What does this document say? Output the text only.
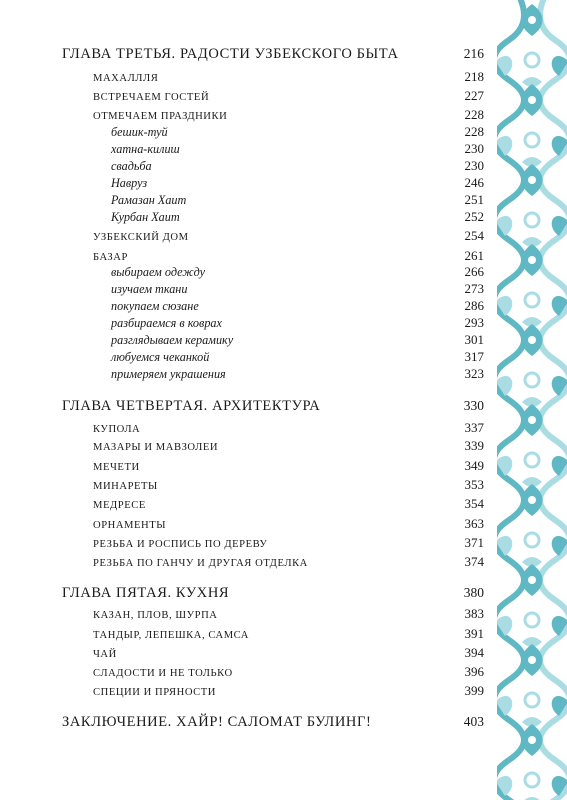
ГЛАВА ТРЕТЬЯ. РАДОСТИ УЗБЕКСКОГО БЫТА	216
МАХАЛЛЛЯ	218
ВСТРЕЧАЕМ ГОСТЕЙ	227
ОТМЕЧАЕМ ПРАЗДНИКИ	228
бешик-туй	228
хатна-килиш	230
свадьба	230
Навруз	246
Рамазан Хаит	251
Курбан Хаит	252
УЗБЕКСКИЙ ДОМ	254
БАЗАР	261
выбираем одежду	266
изучаем ткани	273
покупаем сюзане	286
разбираемся в коврах	293
разглядываем керамику	301
любуемся чеканкой	317
примеряем украшения	323
ГЛАВА ЧЕТВЕРТАЯ. АРХИТЕКТУРА	330
КУПОЛА	337
МАЗАРЫ И МАВЗОЛЕИ	339
МЕЧЕТИ	349
МИНАРЕТЫ	353
МЕДРЕСЕ	354
ОРНАМЕНТЫ	363
РЕЗЬБА И РОСПИСЬ ПО ДЕРЕВУ	371
РЕЗЬБА ПО ГАНЧУ И ДРУГАЯ ОТДЕЛКА	374
ГЛАВА ПЯТАЯ. КУХНЯ	380
КАЗАН, ПЛОВ, ШУРПА	383
ТАНДЫР, ЛЕПЕШКА, САМСА	391
ЧАЙ	394
СЛАДОСТИ И НЕ ТОЛЬКО	396
СПЕЦИИ И ПРЯНОСТИ	399
ЗАКЛЮЧЕНИЕ. ХАЙР! САЛОМАТ БУЛИНГ!	403
